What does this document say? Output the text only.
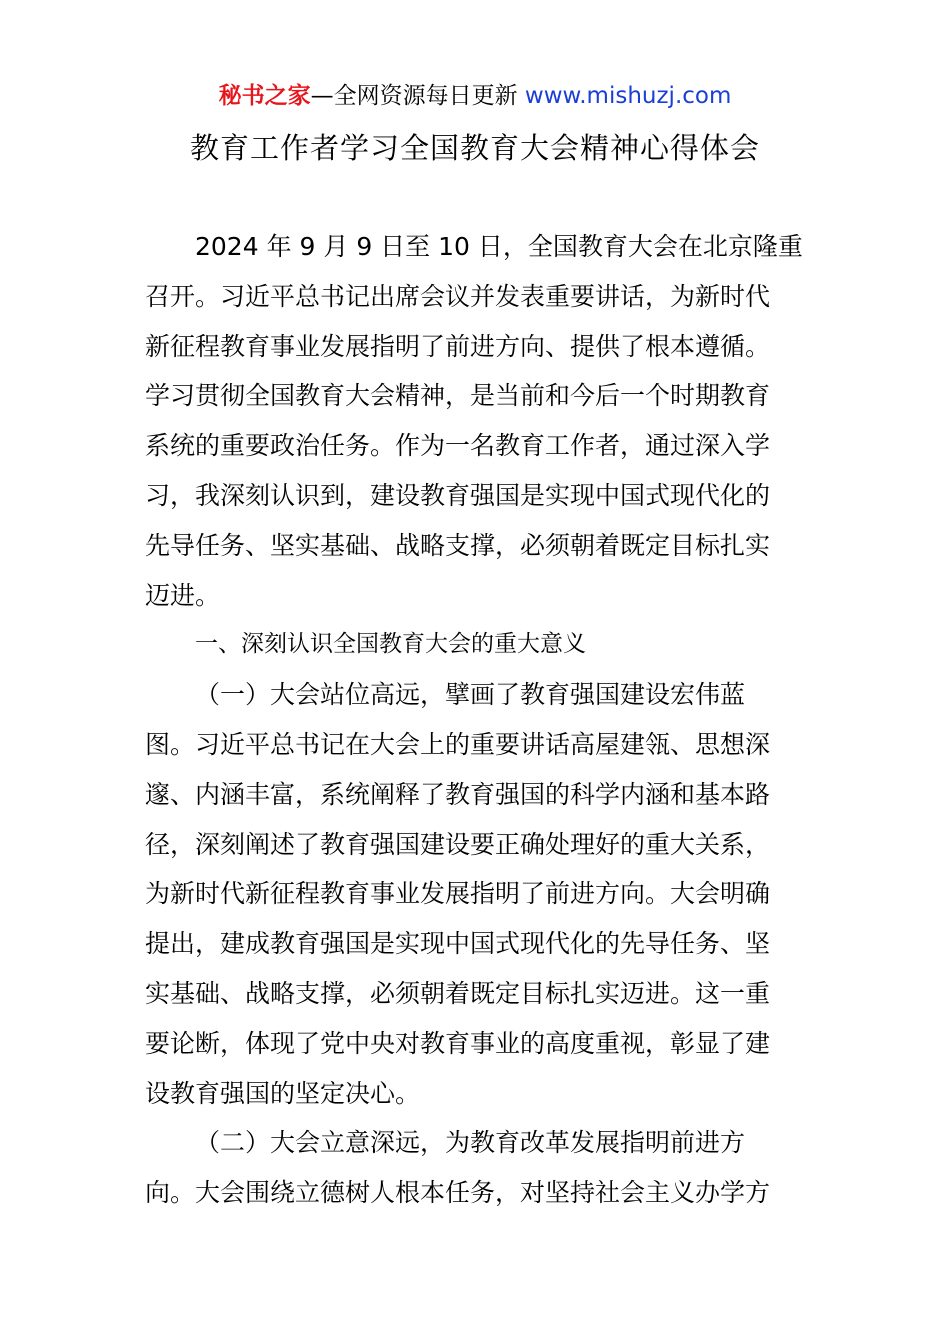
秘书之家—全网资源每日更新 www.mishuzj.com
教育工作者学习全国教育大会精神心得体会
2024 年 9 月 9 日至 10 日，全国教育大会在北京隆重
召开。习近平总书记出席会议并发表重要讲话，为新时代
新征程教育事业发展指明了前进方向、提供了根本遵循。
学习贯彻全国教育大会精神，是当前和今后一个时期教育
系统的重要政治任务。作为一名教育工作者，通过深入学
习，我深刻认识到，建设教育强国是实现中国式现代化的
先导任务、坚实基础、战略支撑，必须朝着既定目标扎实
迈进。
一、深刻认识全国教育大会的重大意义
（一）大会站位高远，擘画了教育强国建设宏伟蓝
图。习近平总书记在大会上的重要讲话高屋建瓴、思想深
邃、内涵丰富，系统阐释了教育强国的科学内涵和基本路
径，深刻阐述了教育强国建设要正确处理好的重大关系，
为新时代新征程教育事业发展指明了前进方向。大会明确
提出，建成教育强国是实现中国式现代化的先导任务、坚
实基础、战略支撑，必须朝着既定目标扎实迈进。这一重
要论断，体现了党中央对教育事业的高度重视，彰显了建
设教育强国的坚定决心。
（二）大会立意深远，为教育改革发展指明前进方
向。大会围绕立德树人根本任务，对坚持社会主义办学方
